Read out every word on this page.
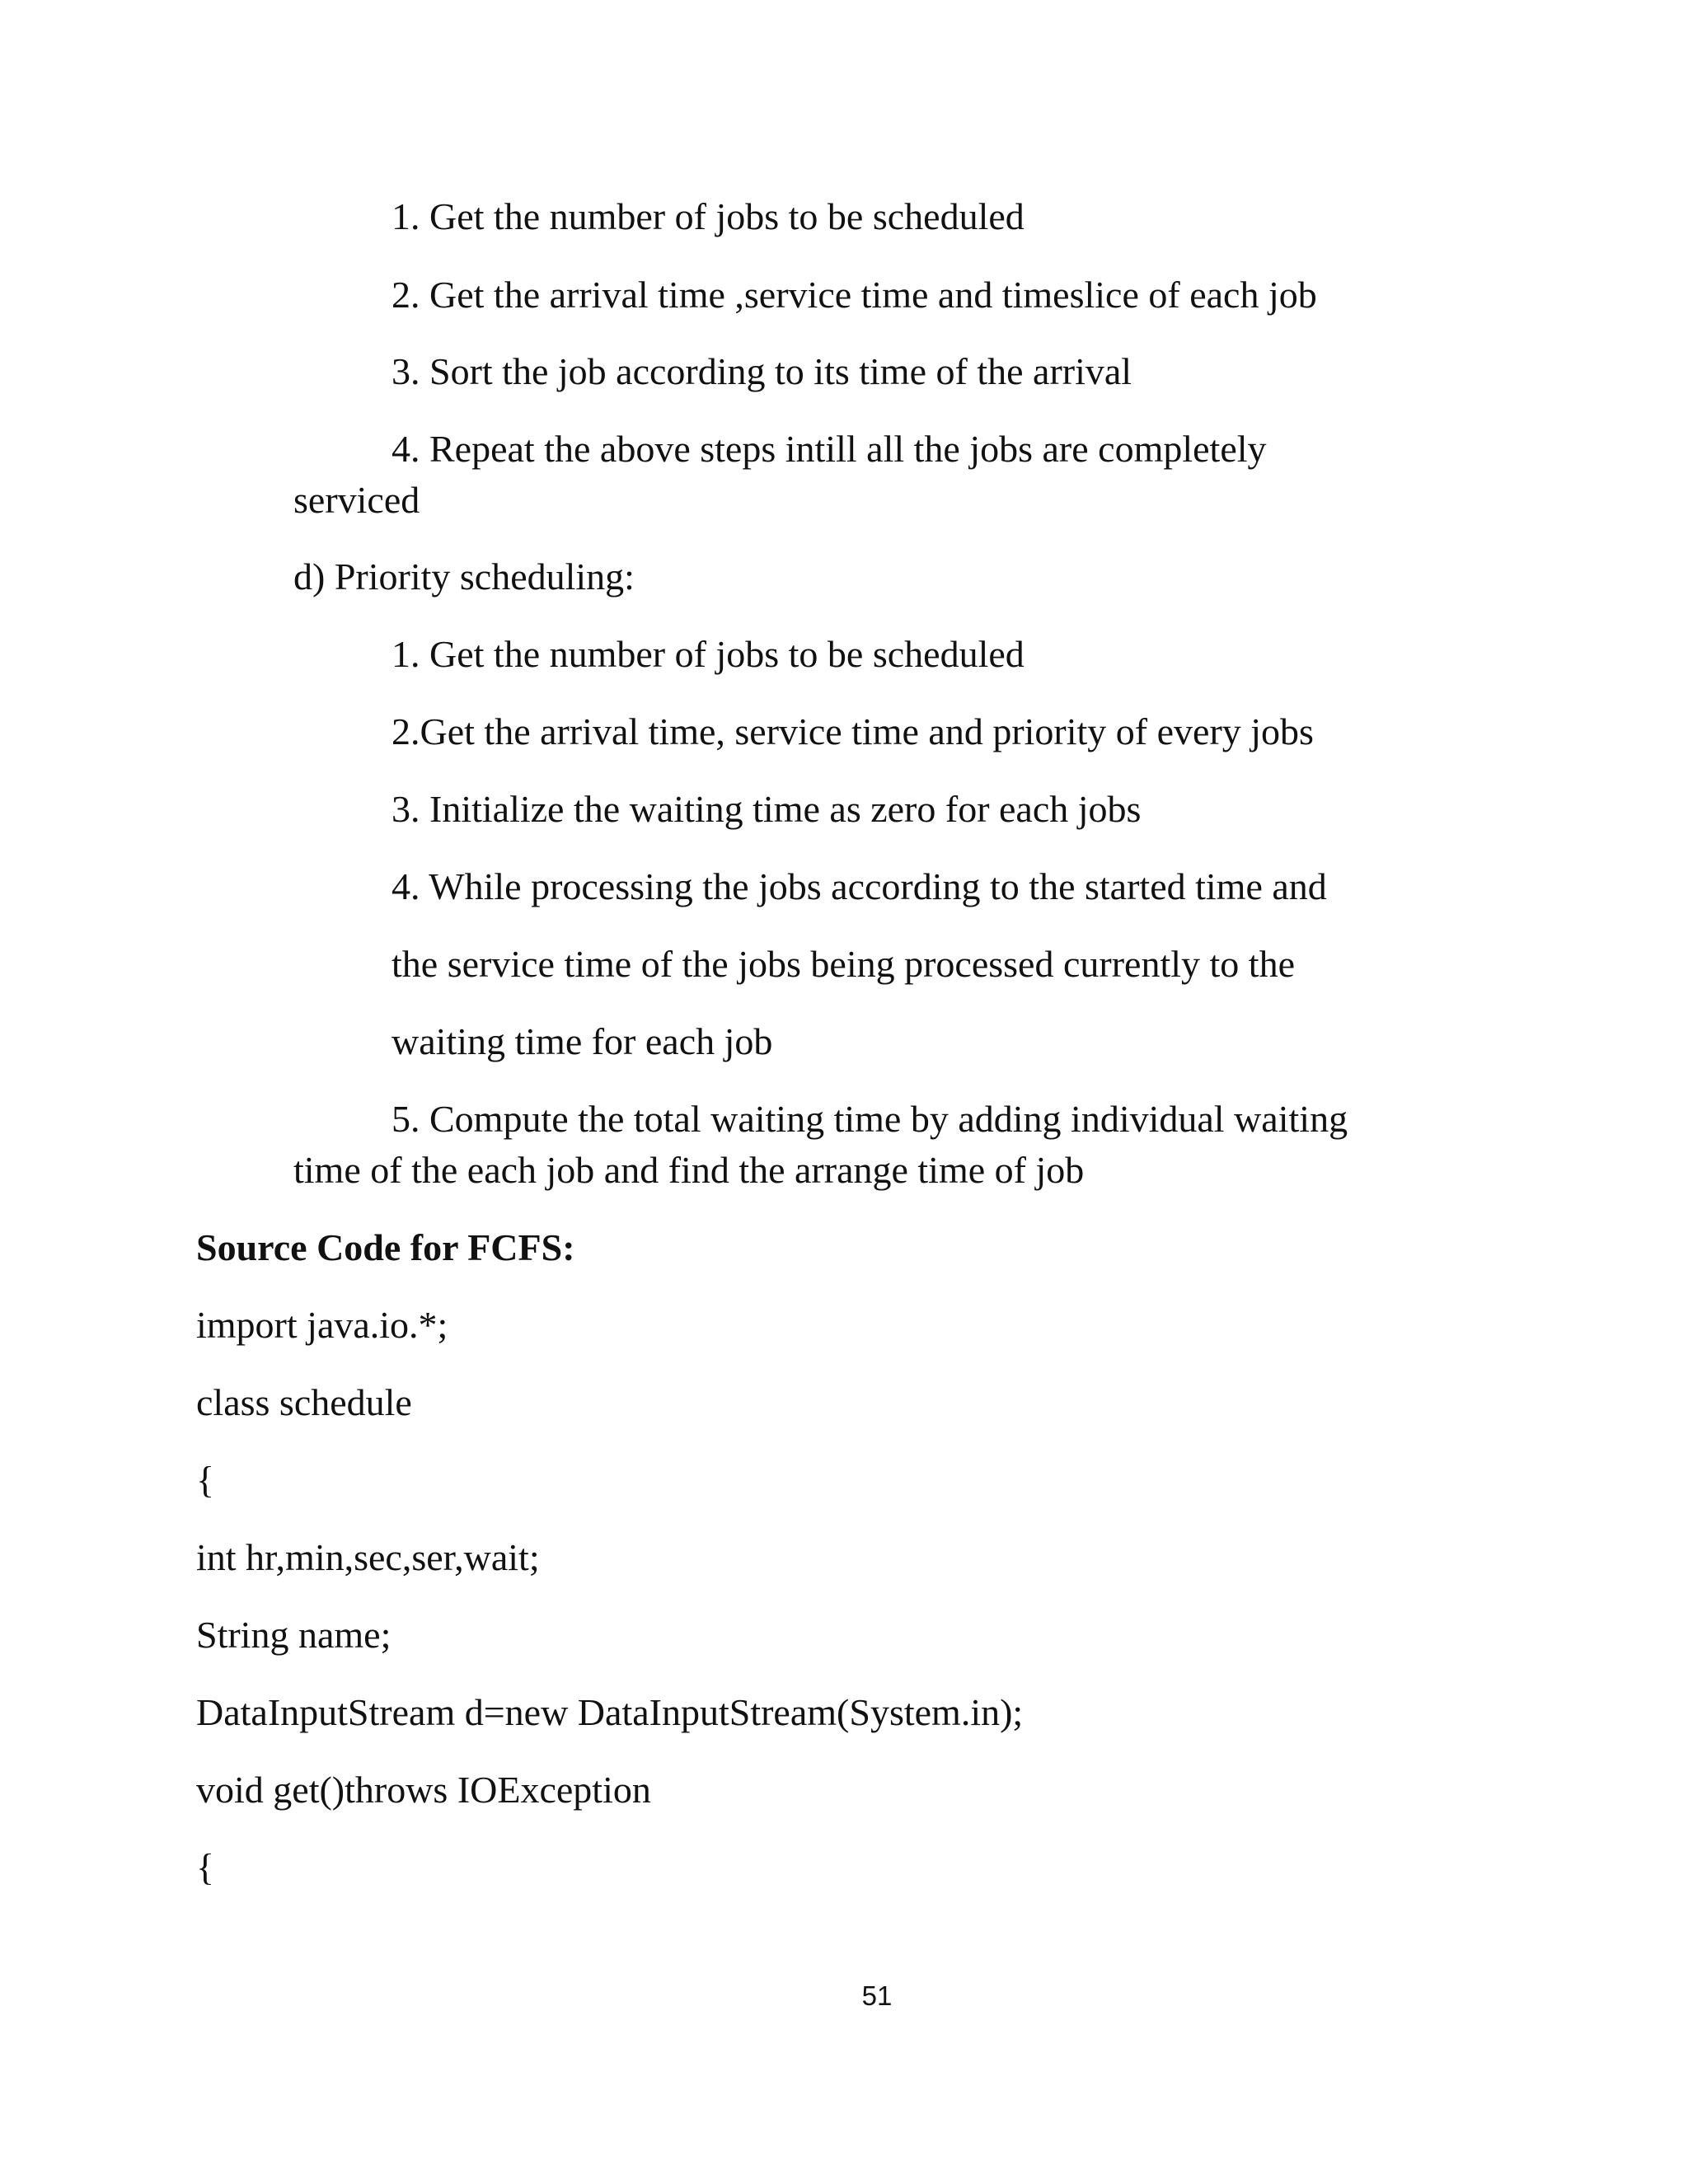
1. Get the number of jobs to be scheduled
2. Get the arrival time ,service time and timeslice of each job
3. Sort the job according to its time of the arrival
4. Repeat the above steps intill all the jobs are completely
serviced
d) Priority scheduling:
1. Get the number of jobs to be scheduled
2.Get the arrival time, service time and priority of every jobs
3. Initialize the waiting time as zero for each jobs
4. While processing the jobs according to the started time and
the service time of the jobs being processed currently to the
waiting time for each job
5. Compute the total waiting time by adding individual waiting
time of the each job and find the arrange time of job
Source Code for FCFS:
import java.io.*;
class schedule
{
int hr,min,sec,ser,wait;
String name;
DataInputStream d=new DataInputStream(System.in);
void get()throws IOException
{
51
